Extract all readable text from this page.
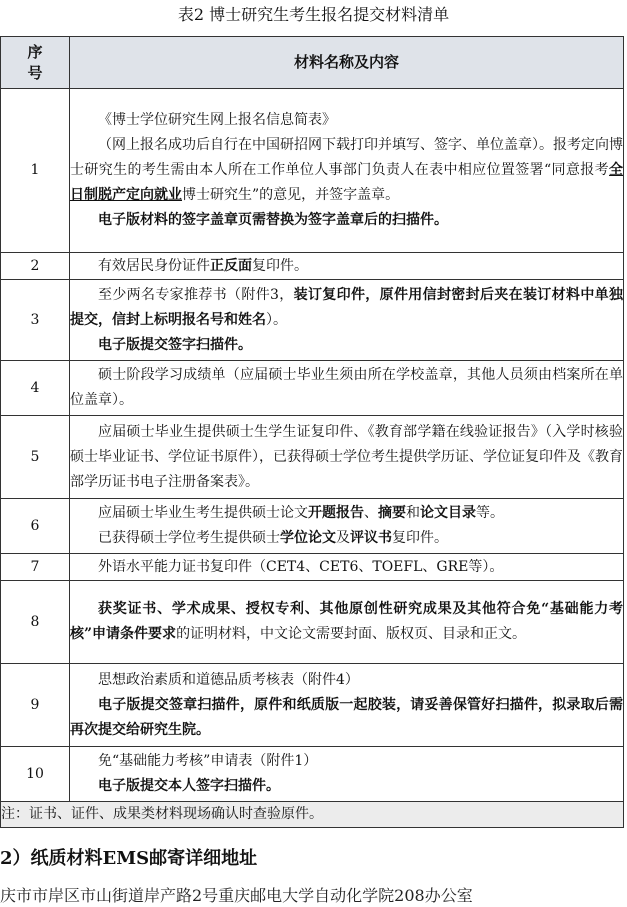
表2 博士研究生考生报名提交材料清单
序
号	材料名称及内容
1	《博士学位研究生网上报名信息简表》

（网上报名成功后自行在中国研招网下载打印并填写、签字、单位盖章）。报考定向博士研究生的考生需由本人所在工作单位人事部门负责人在表中相应位置签署“同意报考全日制脱产定向就业博士研究生”的意见，并签字盖章。

电子版材料的签字盖章页需替换为签字盖章后的扫描件。

2	有效居民身份证件正反面复印件。

3	至少两名专家推荐书（附件3，装订复印件，原件用信封密封后夹在装订材料中单独提交，信封上标明报名号和姓名）。

电子版提交签字扫描件。

4	硕士阶段学习成绩单（应届硕士毕业生须由所在学校盖章，其他人员须由档案所在单位盖章）。

5	应届硕士毕业生提供硕士生学生证复印件、《教育部学籍在线验证报告》（入学时核验硕士毕业证书、学位证书原件），已获得硕士学位考生提供学历证、学位证复印件及《教育部学历证书电子注册备案表》。

6	应届硕士毕业生考生提供硕士论文开题报告、摘要和论文目录等。

已获得硕士学位考生提供硕士学位论文及评议书复印件。

7	外语水平能力证书复印件（CET4、CET6、TOEFL、GRE等）。

8	获奖证书、学术成果、授权专利、其他原创性研究成果及其他符合免“基础能力考核”申请条件要求的证明材料，中文论文需要封面、版权页、目录和正文。

9	思想政治素质和道德品质考核表（附件4）

电子版提交签章扫描件，原件和纸质版一起胶装，请妥善保管好扫描件，拟录取后需再次提交给研究生院。

10	免“基础能力考核”申请表（附件1）

电子版提交本人签字扫描件。

注：证书、证件、成果类材料现场确认时查验原件。	
2）纸质材料EMS邮寄详细地址
庆市市岸区市山街道岸产路2号重庆邮电大学自动化学院208办公室
